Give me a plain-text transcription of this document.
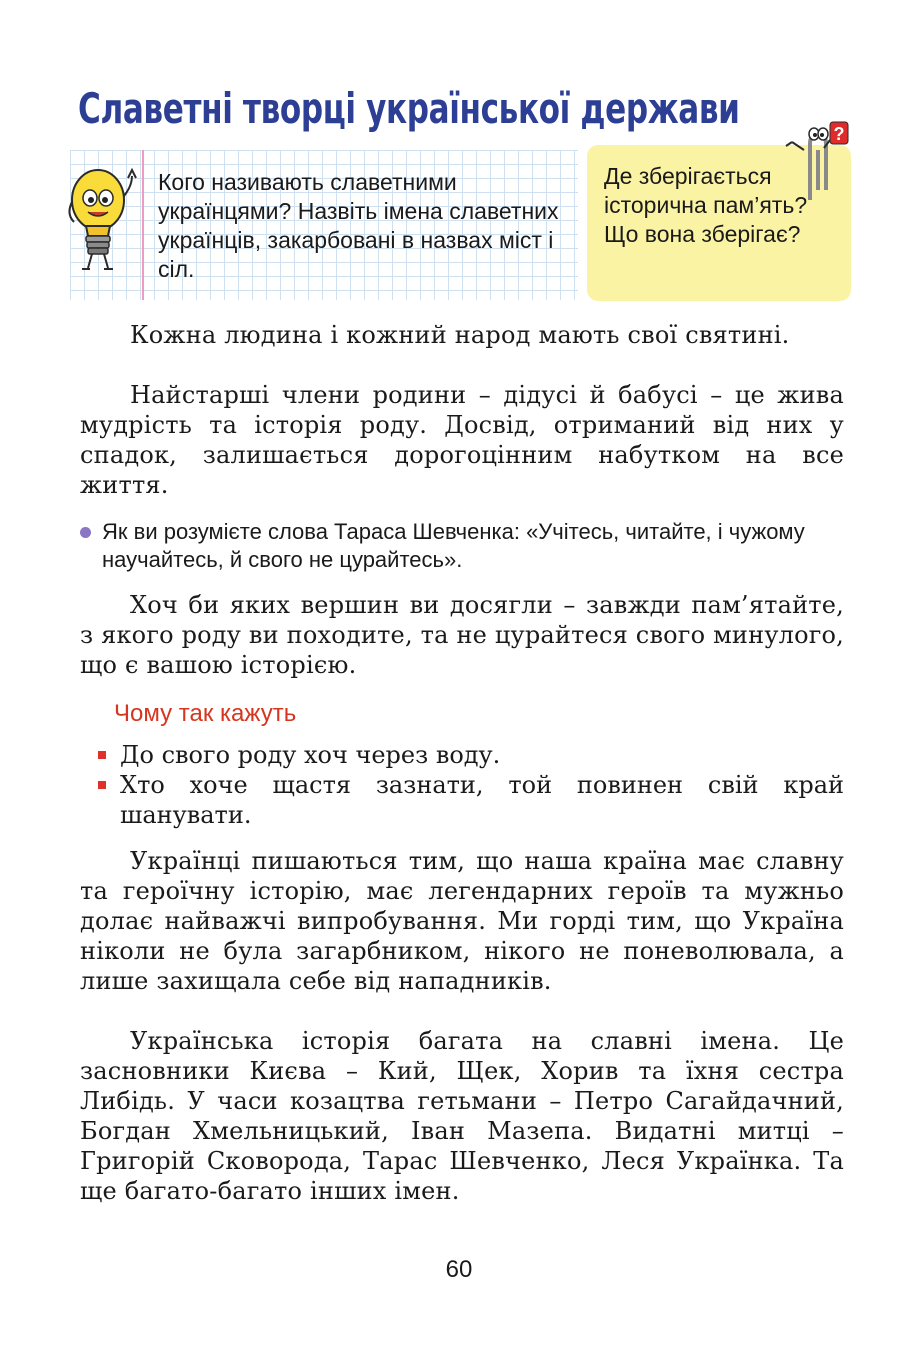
Славетні творці української держави
Кого називають славетними українцями? Назвіть імена славетних українців, закарбовані в назвах міст і сіл.
Де зберігається історична пам’ять? Що вона зберігає?
?

Кожна людина і кожний народ мають свої святині.

Найстарші члени родини – дідусі й бабусі – це жива мудрість та історія роду. Досвід, отриманий від них у спадок, залишається дорогоцінним набутком на все життя.

Як ви розумієте слова Тараса Шевченка: «Учітесь, читайте, і чужому научайтесь, й свого не цурайтесь».

Хоч би яких вершин ви досягли – завжди пам’ятайте, з якого роду ви походите, та не цурайтеся свого минулого, що є вашою історією.

Чому так кажуть
До свого роду хоч через воду.
Хто хоче щастя зазнати, той повинен свій край шанувати.

Українці пишаються тим, що наша країна має славну та героїчну історію, має легендарних героїв та мужньо долає найважчі випробування. Ми горді тим, що Україна ніколи не була загарбником, нікого не поневолювала, а лише захищала себе від нападників.

Українська історія багата на славні імена. Це засновники Києва – Кий, Щек, Хорив та їхня сестра Либідь. У часи козацтва гетьмани – Петро Сагайдачний, Богдан Хмельницький, Іван Мазепа. Видатні митці – Григорій Сковорода, Тарас Шевченко, Леся Українка. Та ще багато-багато інших імен.

60
